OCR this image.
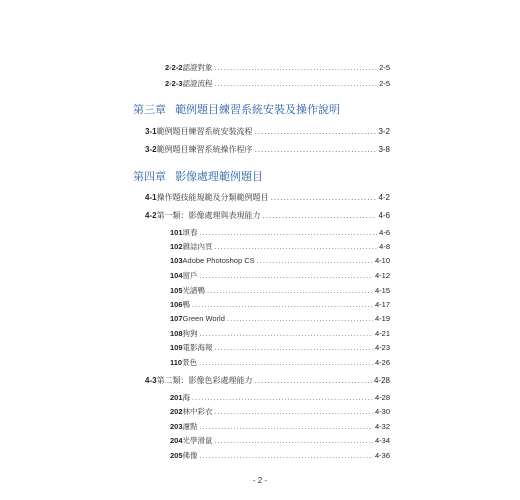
2-2-2 認證對象 .....	2-5
2-2-3 認證流程 .....	2-5
第三章 範例題目練習系統安裝及操作說明
3-1 範例題目練習系統安裝流程 .....	3-2
3-2 範例題目練習系統操作程序 .....	3-8
第四章 影像處理範例題目
4-1 操作題技能規範及分類範例題目 .....	4-2
4-2 第一類：影像處理與表現能力 .....	4-6
101 頌春 .....	4-6
102 雜誌內頁 .....	4-8
103 Adobe Photoshop CS .....	4-10
104 窗戶 .....	4-12
105 光譜鴨 .....	4-15
106 鴨 .....	4-17
107 Green World .....	4-19
108 狗狗 .....	4-21
109 電影海報 .....	4-23
110 景色 .....	4-26
4-3 第二類：影像色彩處理能力 .....	4-28
201 海 .....	4-28
202 林中彩衣 .....	4-30
203 濾點 .....	4-32
204 光學滑鼠 .....	4-34
205 佛像 .....	4-36
- 2 -
